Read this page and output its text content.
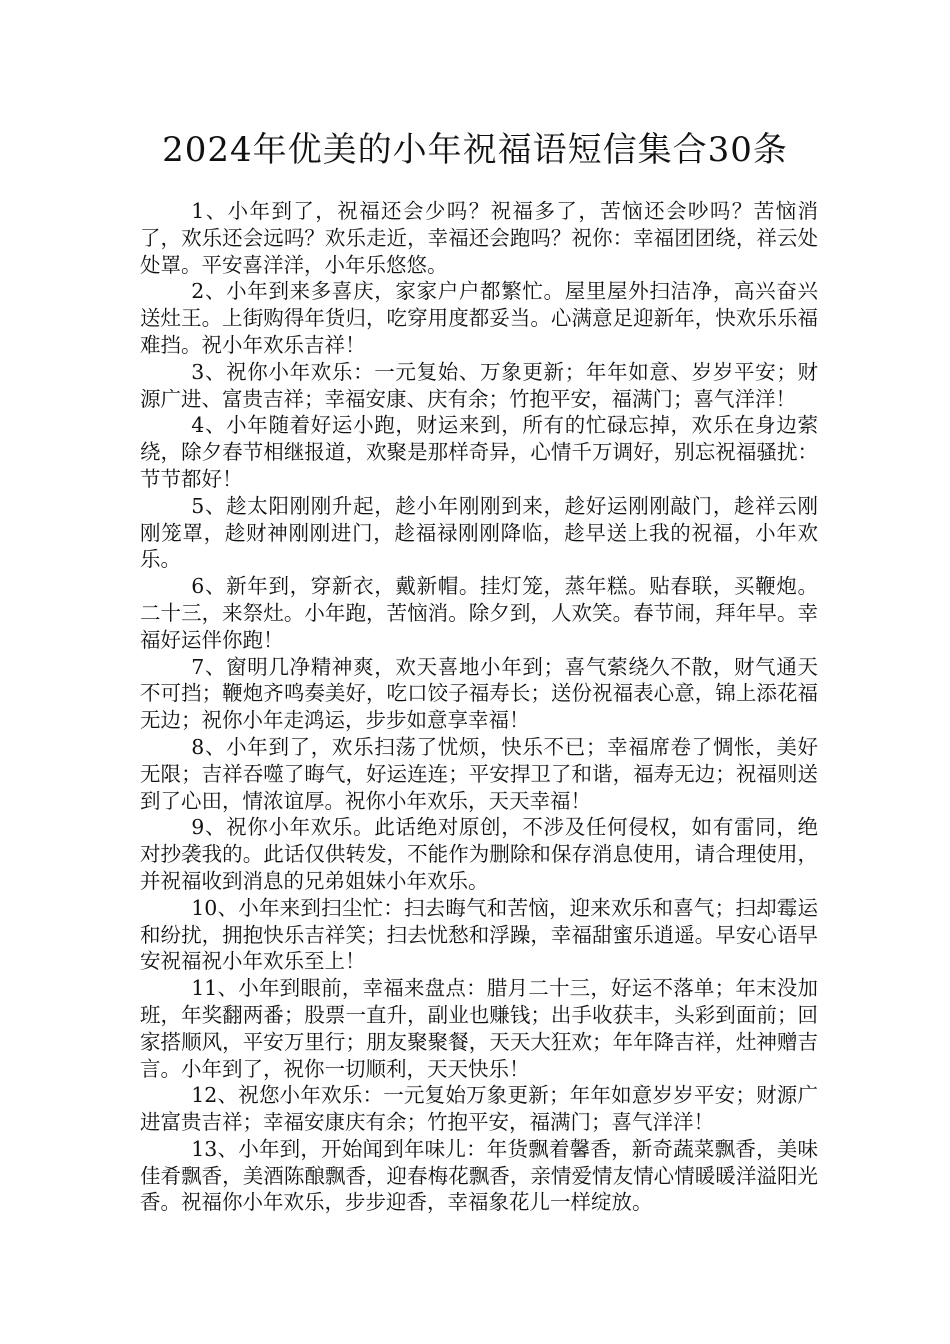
2024年优美的小年祝福语短信集合30条

1、小年到了，祝福还会少吗？祝福多了，苦恼还会吵吗？苦恼消了，欢乐还会远吗？欢乐走近，幸福还会跑吗？祝你：幸福团团绕，祥云处处罩。平安喜洋洋，小年乐悠悠。

2、小年到来多喜庆，家家户户都繁忙。屋里屋外扫洁净，高兴奋兴送灶王。上街购得年货归，吃穿用度都妥当。心满意足迎新年，快欢乐乐福难挡。祝小年欢乐吉祥！

3、祝你小年欢乐：一元复始、万象更新；年年如意、岁岁平安；财源广进、富贵吉祥；幸福安康、庆有余；竹抱平安，福满门；喜气洋洋！

4、小年随着好运小跑，财运来到，所有的忙碌忘掉，欢乐在身边萦绕，除夕春节相继报道，欢聚是那样奇异，心情千万调好，别忘祝福骚扰：节节都好！

5、趁太阳刚刚升起，趁小年刚刚到来，趁好运刚刚敲门，趁祥云刚刚笼罩，趁财神刚刚进门，趁福禄刚刚降临，趁早送上我的祝福，小年欢乐。

6、新年到，穿新衣，戴新帽。挂灯笼，蒸年糕。贴春联，买鞭炮。二十三，来祭灶。小年跑，苦恼消。除夕到，人欢笑。春节闹，拜年早。幸福好运伴你跑！

7、窗明几净精神爽，欢天喜地小年到；喜气萦绕久不散，财气通天不可挡；鞭炮齐鸣奏美好，吃口饺子福寿长；送份祝福表心意，锦上添花福无边；祝你小年走鸿运，步步如意享幸福！

8、小年到了，欢乐扫荡了忧烦，快乐不已；幸福席卷了惆怅，美好无限；吉祥吞噬了晦气，好运连连；平安捍卫了和谐，福寿无边；祝福则送到了心田，情浓谊厚。祝你小年欢乐，天天幸福！

9、祝你小年欢乐。此话绝对原创，不涉及任何侵权，如有雷同，绝对抄袭我的。此话仅供转发，不能作为删除和保存消息使用，请合理使用，并祝福收到消息的兄弟姐妹小年欢乐。

10、小年来到扫尘忙：扫去晦气和苦恼，迎来欢乐和喜气；扫却霉运和纷扰，拥抱快乐吉祥笑；扫去忧愁和浮躁，幸福甜蜜乐逍遥。早安心语早安祝福祝小年欢乐至上！

11、小年到眼前，幸福来盘点：腊月二十三，好运不落单；年末没加班，年奖翻两番；股票一直升，副业也赚钱；出手收获丰，头彩到面前；回家搭顺风，平安万里行；朋友聚聚餐，天天大狂欢；年年降吉祥，灶神赠吉言。小年到了，祝你一切顺利，天天快乐！

12、祝您小年欢乐：一元复始万象更新；年年如意岁岁平安；财源广进富贵吉祥；幸福安康庆有余；竹抱平安，福满门；喜气洋洋！

13、小年到，开始闻到年味儿：年货飘着馨香，新奇蔬菜飘香，美味佳肴飘香，美酒陈酿飘香，迎春梅花飘香，亲情爱情友情心情暖暖洋溢阳光香。祝福你小年欢乐，步步迎香，幸福象花儿一样绽放。
